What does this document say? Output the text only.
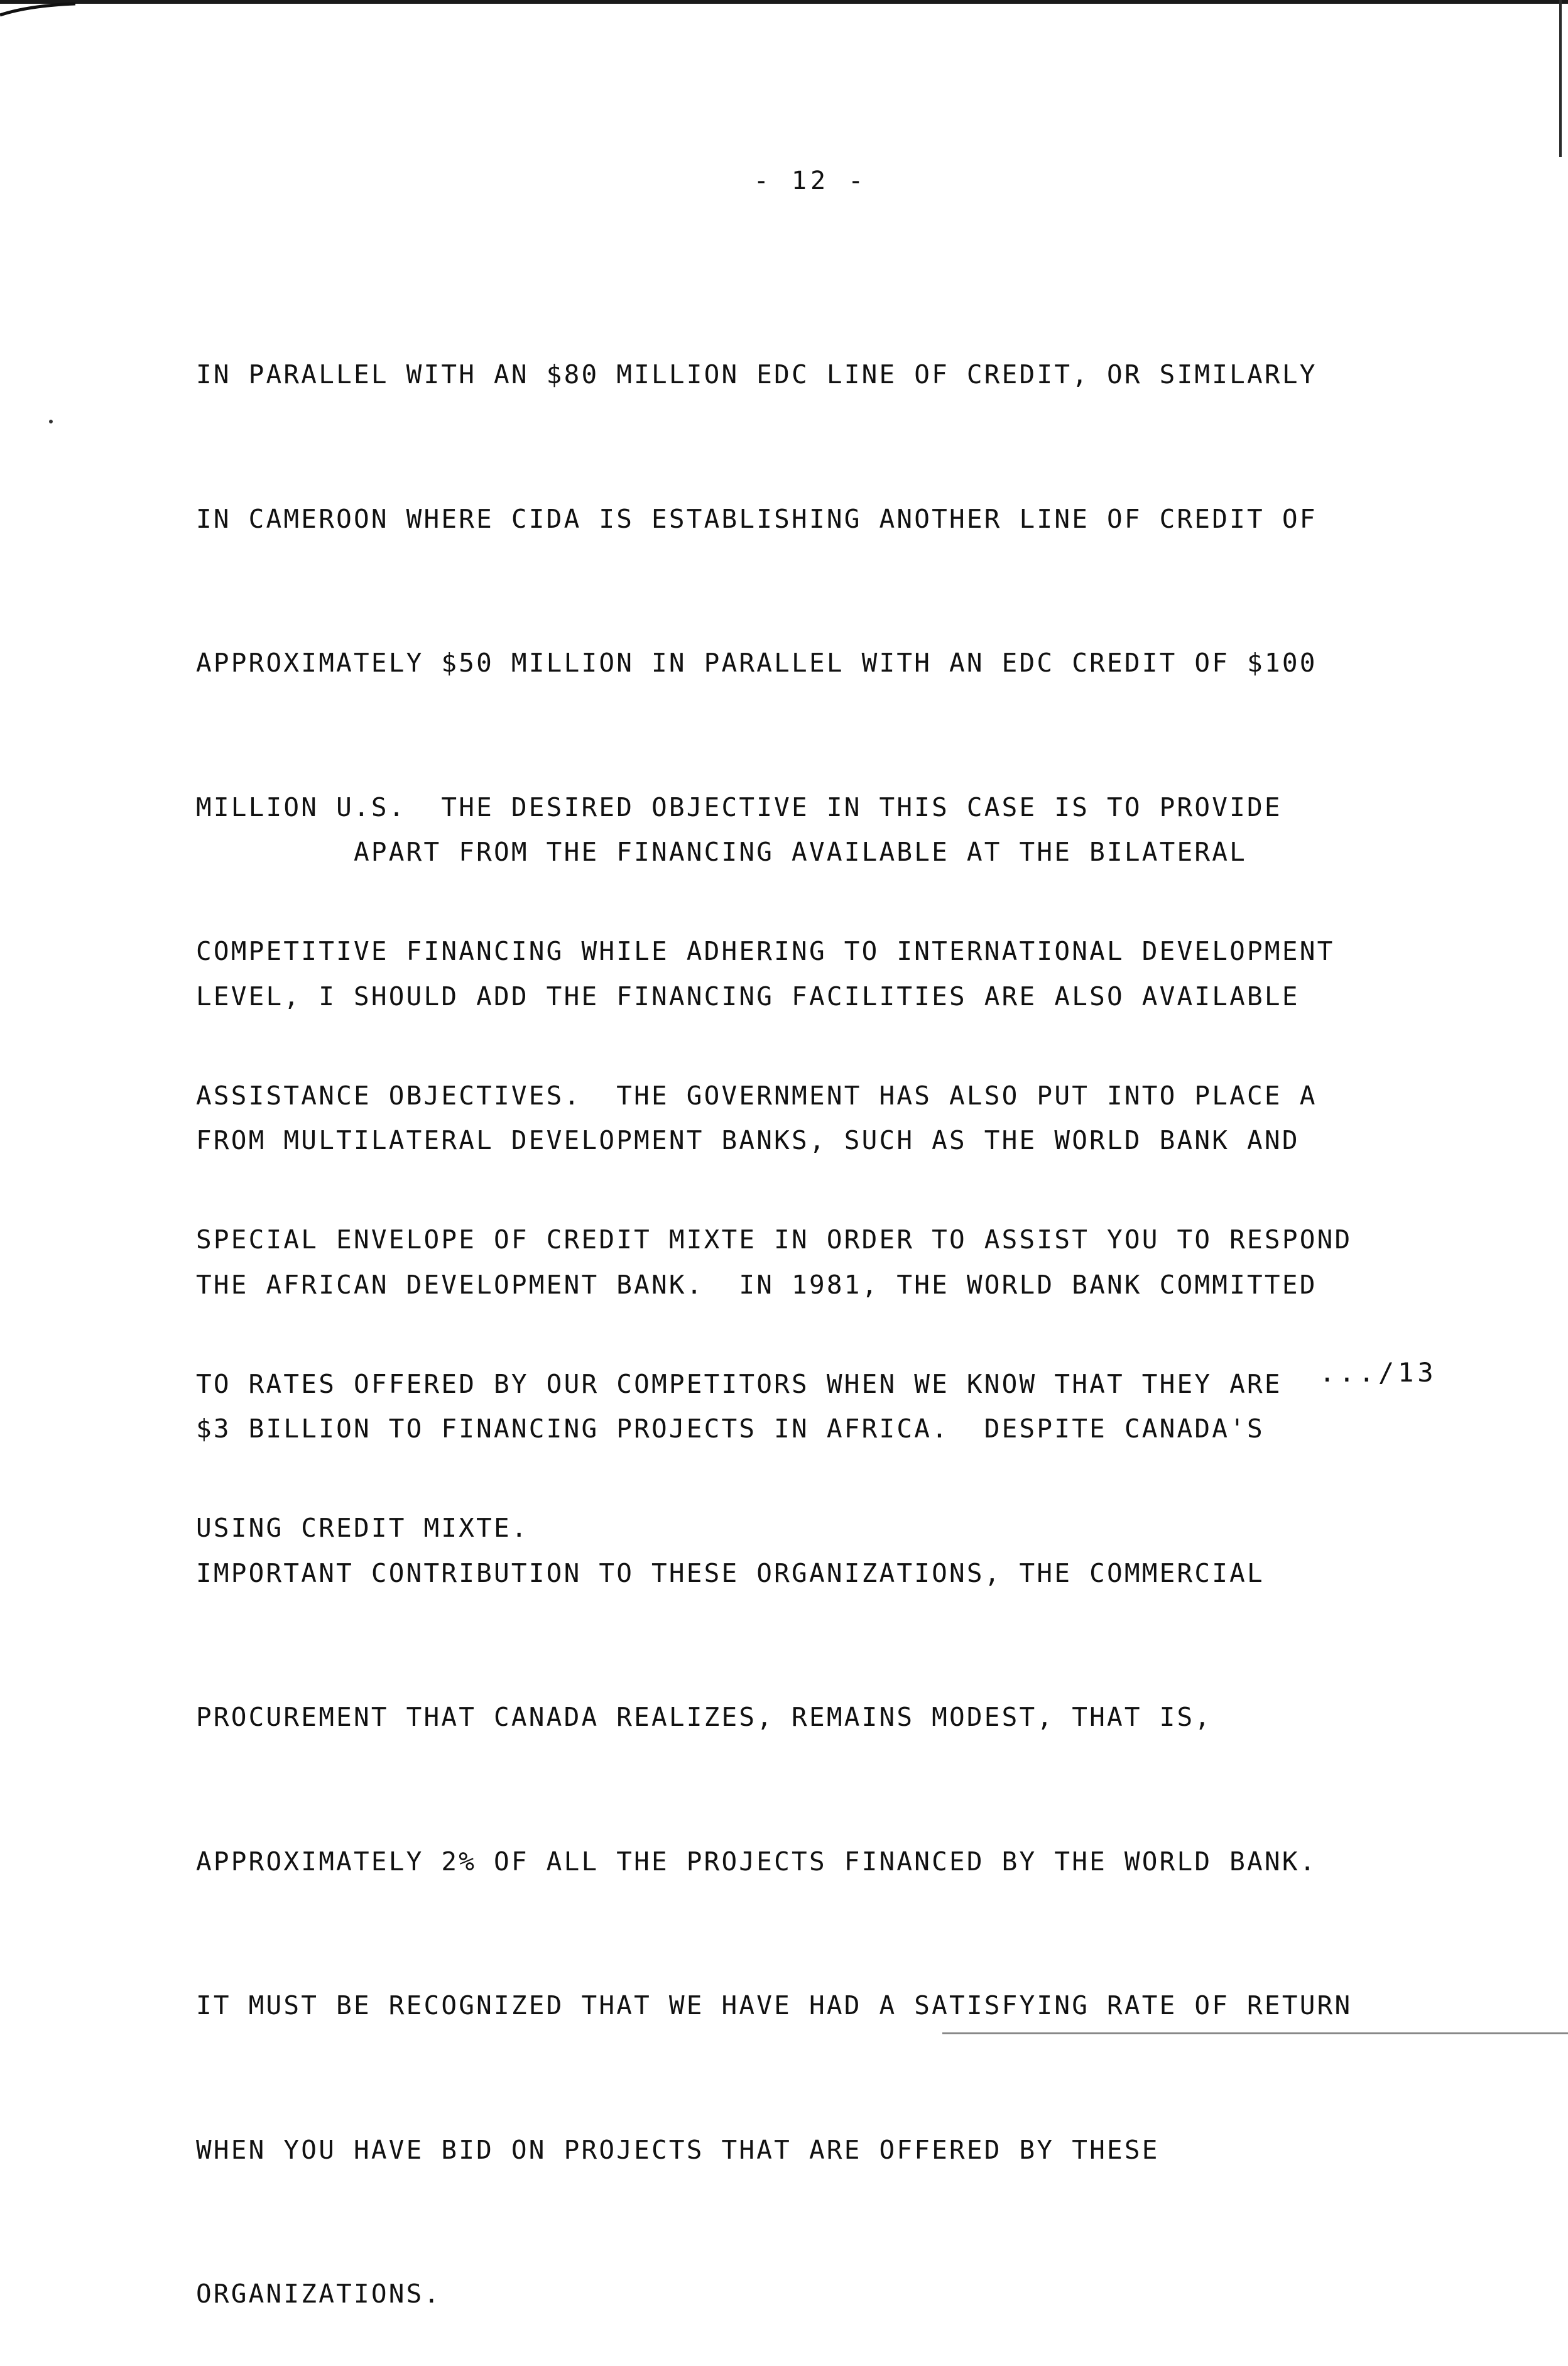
- 12 -

IN PARALLEL WITH AN $80 MILLION EDC LINE OF CREDIT, OR SIMILARLY

IN CAMEROON WHERE CIDA IS ESTABLISHING ANOTHER LINE OF CREDIT OF

APPROXIMATELY $50 MILLION IN PARALLEL WITH AN EDC CREDIT OF $100

MILLION U.S.  THE DESIRED OBJECTIVE IN THIS CASE IS TO PROVIDE

COMPETITIVE FINANCING WHILE ADHERING TO INTERNATIONAL DEVELOPMENT

ASSISTANCE OBJECTIVES.  THE GOVERNMENT HAS ALSO PUT INTO PLACE A

SPECIAL ENVELOPE OF CREDIT MIXTE IN ORDER TO ASSIST YOU TO RESPOND

TO RATES OFFERED BY OUR COMPETITORS WHEN WE KNOW THAT THEY ARE

USING CREDIT MIXTE.

APART FROM THE FINANCING AVAILABLE AT THE BILATERAL

LEVEL, I SHOULD ADD THE FINANCING FACILITIES ARE ALSO AVAILABLE

FROM MULTILATERAL DEVELOPMENT BANKS, SUCH AS THE WORLD BANK AND

THE AFRICAN DEVELOPMENT BANK.  IN 1981, THE WORLD BANK COMMITTED

$3 BILLION TO FINANCING PROJECTS IN AFRICA.  DESPITE CANADA'S

IMPORTANT CONTRIBUTION TO THESE ORGANIZATIONS, THE COMMERCIAL

PROCUREMENT THAT CANADA REALIZES, REMAINS MODEST, THAT IS,

APPROXIMATELY 2% OF ALL THE PROJECTS FINANCED BY THE WORLD BANK.

IT MUST BE RECOGNIZED THAT WE HAVE HAD A SATISFYING RATE OF RETURN

WHEN YOU HAVE BID ON PROJECTS THAT ARE OFFERED BY THESE

ORGANIZATIONS.

.../13
